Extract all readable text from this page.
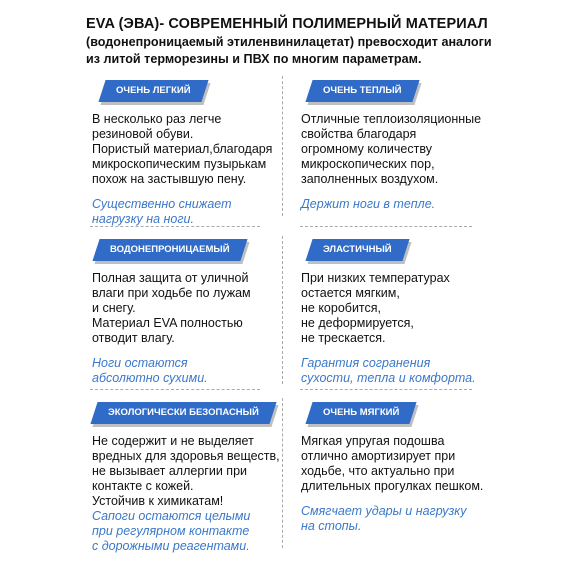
EVA (ЭВА)- СОВРЕМЕННЫЙ ПОЛИМЕРНЫЙ МАТЕРИАЛ
(водонепроницаемый этиленвинилацетат) превосходит аналоги
из литой терморезины и ПВХ по многим параметрам.
ОЧЕНЬ ЛЕГКИЙ
В несколько раз легче
резиновой обуви.
Пористый материал,благодаря
микроскопическим пузырькам
похож на застывшую пену.
Существенно снижает
нагрузку на ноги.
ОЧЕНЬ ТЕПЛЫЙ
Отличные теплоизоляционные
свойства благодаря
огромному количеству
микроскопических пор,
заполненных воздухом.
Держит ноги в тепле.
ВОДОНЕПРОНИЦАЕМЫЙ
Полная защита от уличной
влаги при ходьбе по лужам
и снегу.
Материал EVA полностью
отводит влагу.
Ноги остаются
абсолютно сухими.
ЭЛАСТИЧНЫЙ
При низких температурах
остается мягким,
не коробится,
не деформируется,
не трескается.
Гарантия согранения
сухости, тепла и комфорта.
ЭКОЛОГИЧЕСКИ БЕЗОПАСНЫЙ
Не содержит и не выделяет
вредных для здоровья веществ,
не вызывает аллергии при
контакте с кожей.
Устойчив к химикатам!
Сапоги остаются целыми
при регулярном контакте
с дорожными реагентами.
ОЧЕНЬ МЯГКИЙ
Мягкая упругая подошва
отлично амортизирует при
ходьбе, что актуально при
длительных прогулках пешком.
Смягчает удары и нагрузку
на стопы.
